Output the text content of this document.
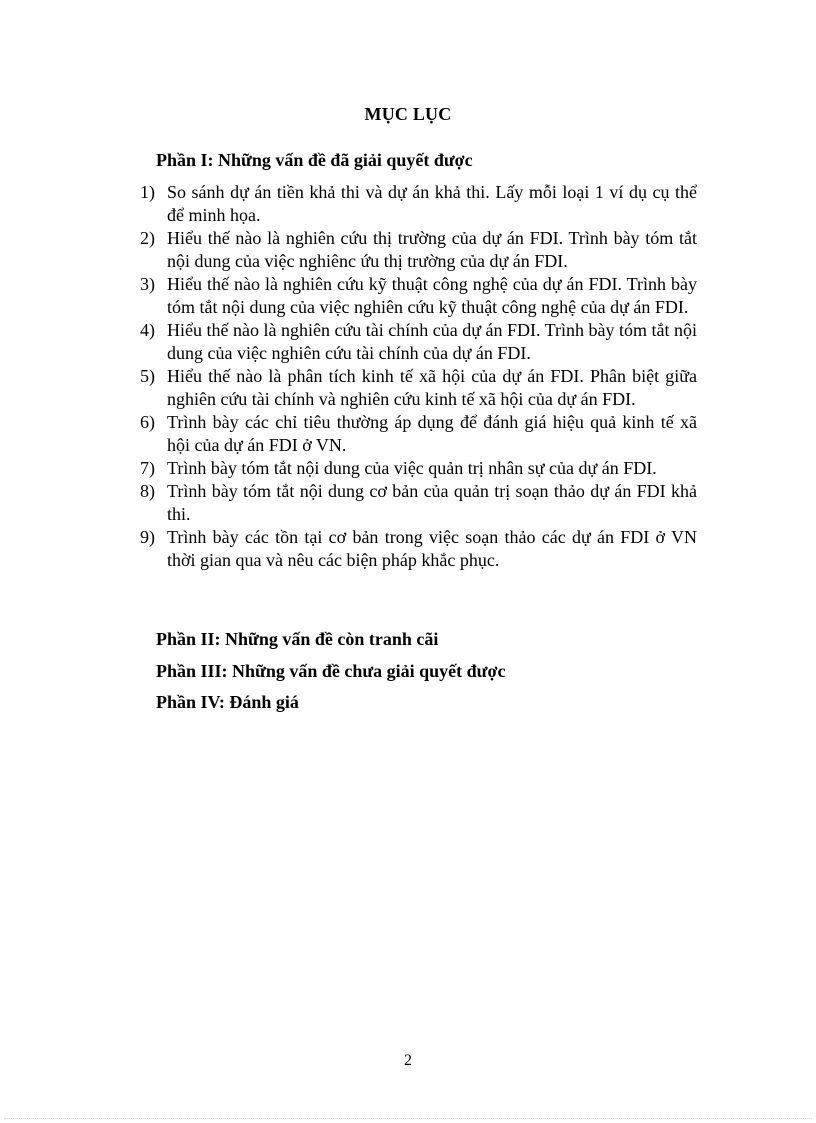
MỤC LỤC
Phần I: Những vấn đề đã giải quyết được
1) So sánh dự án tiền khả thi và dự án khả thi. Lấy mỗi loại 1 ví dụ cụ thể để minh họa.
2) Hiểu thế nào là nghiên cứu thị trường của dự án FDI. Trình bày tóm tắt nội dung của việc nghiênc ứu thị trường của dự án FDI.
3) Hiểu thế nào là nghiên cứu kỹ thuật công nghệ của dự án FDI. Trình bày tóm tắt nội dung của việc nghiên cứu kỹ thuật công nghệ của dự án FDI.
4) Hiểu thế nào là nghiên cứu tài chính của dự án FDI. Trình bày tóm tắt nội dung của việc nghiên cứu tài chính của dự án FDI.
5) Hiểu thế nào là phân tích kinh tế xã hội của dự án FDI. Phân biệt giữa nghiên cứu tài chính và nghiên cứu kinh tế xã hội của dự án FDI.
6) Trình bày các chỉ tiêu thường áp dụng để đánh giá hiệu quả kinh tế xã hội của dự án FDI ở VN.
7) Trình bày tóm tắt nội dung của việc quản trị nhân sự của dự án FDI.
8) Trình bày tóm tắt nội dung cơ bản của quản trị soạn thảo dự án FDI khả thi.
9) Trình bày các tồn tại cơ bản trong việc soạn thảo các dự án FDI ở VN thời gian qua và nêu các biện pháp khắc phục.
Phần II: Những vấn đề còn tranh cãi
Phần III: Những vấn đề chưa giải quyết được
Phần IV: Đánh giá
2
